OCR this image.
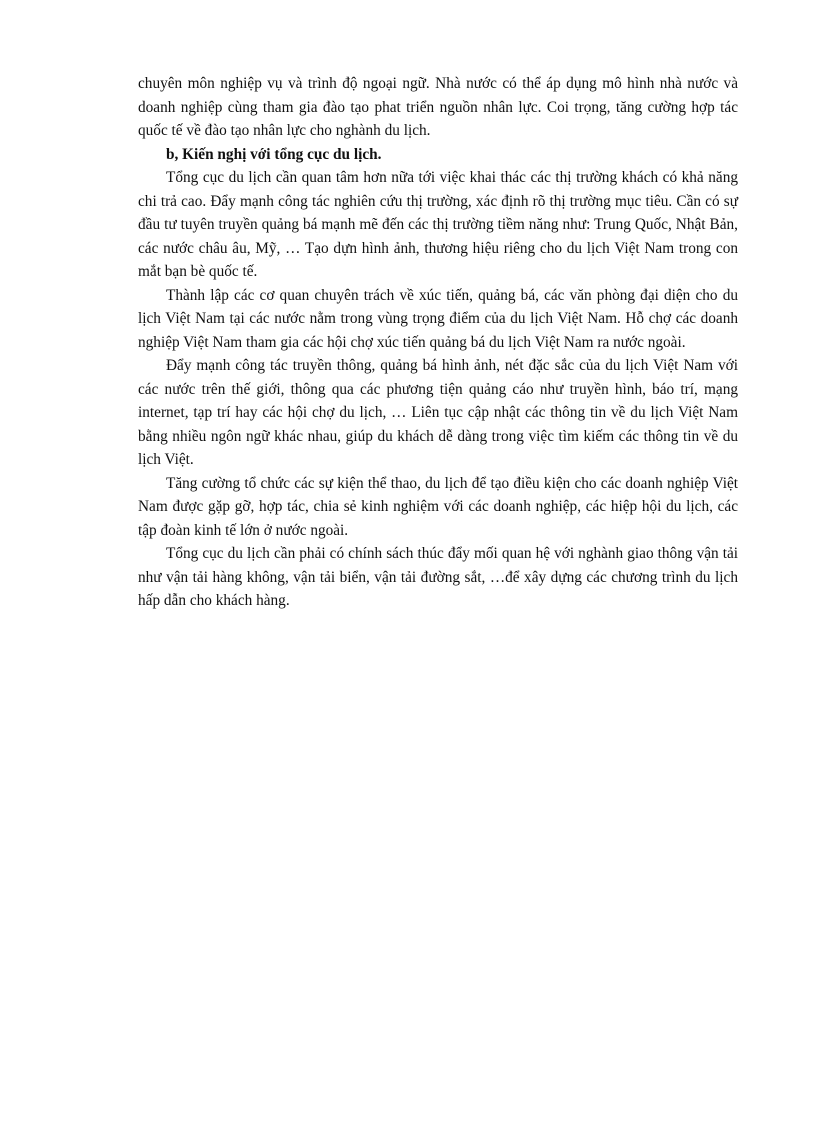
chuyên môn nghiệp vụ và trình độ ngoại ngữ. Nhà nước có thể áp dụng mô hình nhà nước và doanh nghiệp cùng tham gia đào tạo phat triển nguồn nhân lực. Coi trọng, tăng cường hợp tác quốc tế về đào tạo nhân lực cho nghành du lịch.

b, Kiến nghị với tổng cục du lịch.

Tổng cục du lịch cần quan tâm hơn nữa tới việc khai thác các thị trường khách có khả năng chi trả cao. Đẩy mạnh công tác nghiên cứu thị trường, xác định rõ thị trường mục tiêu. Cần có sự đầu tư tuyên truyền quảng bá mạnh mẽ đến các thị trường tiềm năng như: Trung Quốc, Nhật Bản, các nước châu âu, Mỹ, … Tạo dựn hình ảnh, thương hiệu riêng cho du lịch Việt Nam trong con mắt bạn bè quốc tế.

Thành lập các cơ quan chuyên trách về xúc tiến, quảng bá, các văn phòng đại diện cho du lịch Việt Nam tại các nước nằm trong vùng trọng điểm của du lịch Việt Nam. Hỗ chợ các doanh nghiệp Việt Nam tham gia các hội chợ xúc tiến quảng bá du lịch Việt Nam ra nước ngoài.

Đẩy mạnh công tác truyền thông, quảng bá hình ảnh, nét đặc sắc của du lịch Việt Nam với các nước trên thế giới, thông qua các phương tiện quảng cáo như truyền hình, báo trí, mạng internet, tạp trí hay các hội chợ du lịch, … Liên tục cập nhật các thông tin về du lịch Việt Nam bằng nhiều ngôn ngữ khác nhau, giúp du khách dễ dàng trong việc tìm kiếm các thông tin về du lịch Việt.

Tăng cường tổ chức các sự kiện thể thao, du lịch để tạo điều kiện cho các doanh nghiệp Việt Nam được gặp gỡ, hợp tác, chia sẻ kinh nghiệm với các doanh nghiệp, các hiệp hội du lịch, các tập đoàn kinh tế lớn ở nước ngoài.

Tổng cục du lịch cần phải có chính sách thúc đẩy mối quan hệ với nghành giao thông vận tải như vận tải hàng không, vận tải biển, vận tải đường sắt, …để xây dựng các chương trình du lịch hấp dẫn cho khách hàng.
